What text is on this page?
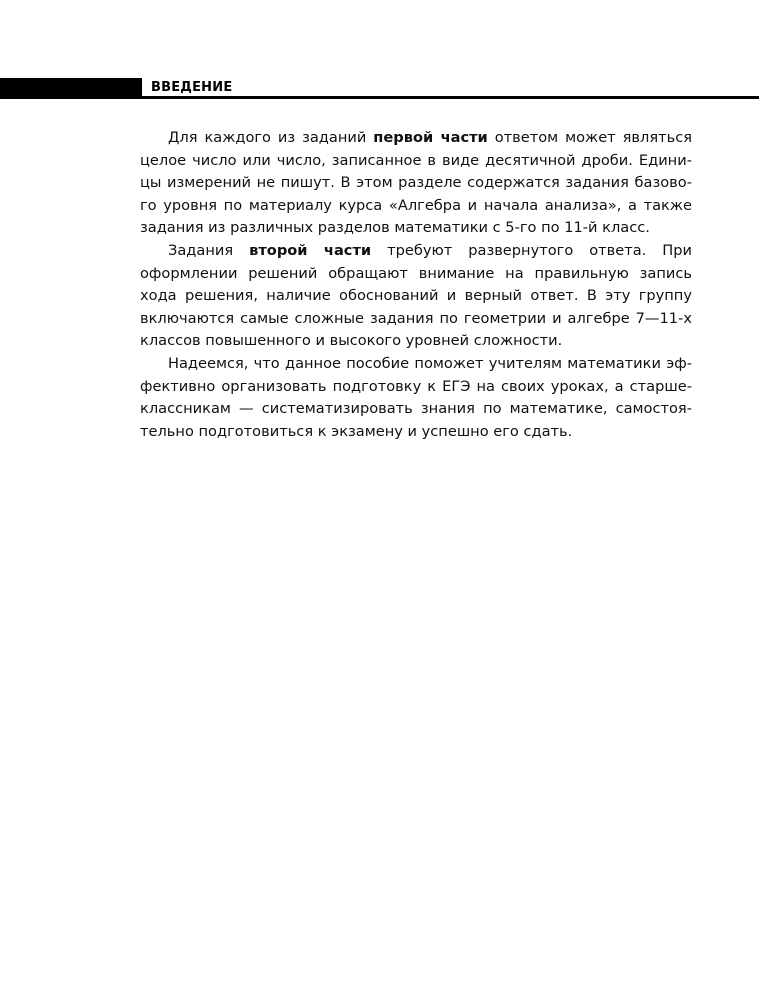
ВВЕДЕНИЕ

Для каждого из заданий первой части ответом может являться целое число или число, записанное в виде десятичной дроби. Единицы измерений не пишут. В этом разделе содержатся задания базового уровня по материалу курса «Алгебра и начала анализа», а также задания из различных разделов математики с 5-го по 11-й класс.

Задания второй части требуют развернутого ответа. При оформлении решений обращают внимание на правильную запись хода решения, наличие обоснований и верный ответ. В эту группу включаются самые сложные задания по геометрии и алгебре 7—11-х классов повышенного и высокого уровней сложности.

Надеемся, что данное пособие поможет учителям математики эффективно организовать подготовку к ЕГЭ на своих уроках, а старшеклассникам — систематизировать знания по математике, самостоятельно подготовиться к экзамену и успешно его сдать.
